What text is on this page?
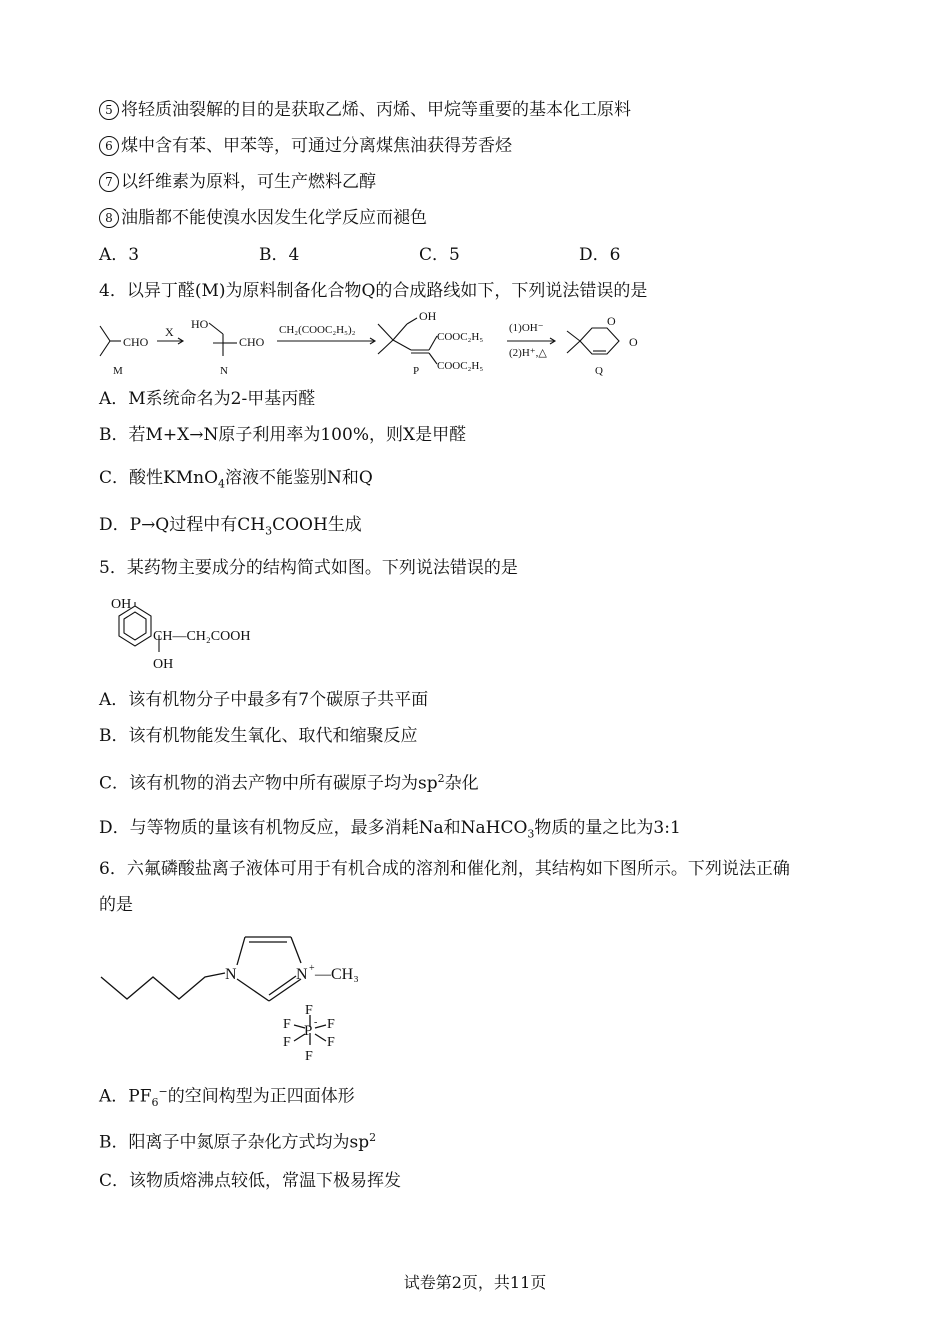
5 将轻质油裂解的目的是获取乙烯、丙烯、甲烷等重要的基本化工原料
6 煤中含有苯、甲苯等，可通过分离煤焦油获得芳香烃
7 以纤维素为原料，可生产燃料乙醇
8 油脂都不能使溴水因发生化学反应而褪色
A．3	B．4	C．5	D．6
4．以异丁醛(M)为原料制备化合物Q的合成路线如下，下列说法错误的是
CHO
M
X
HO
CHO
N
CH₂(COOC₂H₅)₂
OH
COOC₂H₅
COOC₂H₅
P
(1)OH⁻
(2)H⁺,△
O
O
Q
A．M系统命名为2-甲基丙醛
B．若M+X→N原子利用率为100%，则X是甲醛
C．酸性KMnO$_4$溶液不能鉴别N和Q
D．P→Q过程中有$CH_3COOH$生成
5．某药物主要成分的结构简式如图。下列说法错误的是
OH
CH—CH₂COOH
OH
A．该有机物分子中最多有7个碳原子共平面
B．该有机物能发生氧化、取代和缩聚反应
C．该有机物的消去产物中所有碳原子均为$sp^2$杂化
D．与等物质的量该有机物反应，最多消耗Na和NaHCO$_3$物质的量之比为3:1
6．六氟磷酸盐离子液体可用于有机合成的溶剂和催化剂，其结构如下图所示。下列说法正确
的是
N	N + —CH₃
P
-
F
F	F
F	F
F
A．$PF_6^-$的空间构型为正四面体形
B．阳离子中氮原子杂化方式均为$sp^2$
C．该物质熔沸点较低，常温下极易挥发
试卷第2页，共11页
